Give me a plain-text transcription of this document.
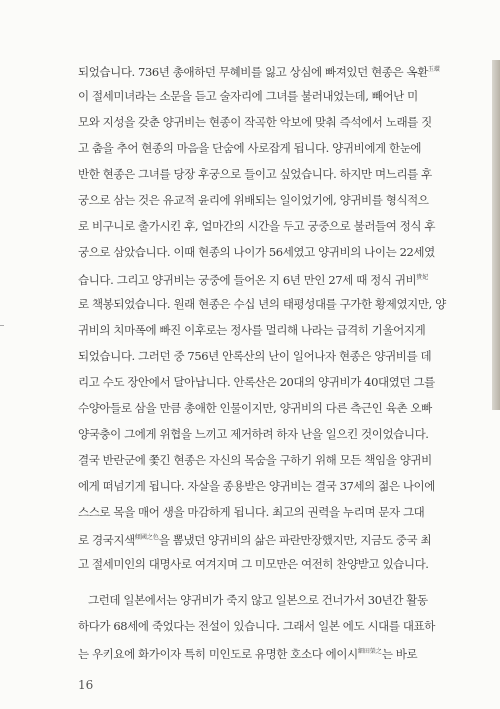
되었습니다. 736년 총애하던 무혜비를 잃고 상심에 빠져있던 현종은 옥환$^{玉環}$
이 절세미녀라는 소문을 듣고 술자리에 그녀를 불러내었는데, 빼어난 미
모와 지성을 갖춘 양귀비는 현종이 작곡한 악보에 맞춰 즉석에서 노래를 짓
고 춤을 추어 현종의 마음을 단숨에 사로잡게 됩니다. 양귀비에게 한눈에
반한 현종은 그녀를 당장 후궁으로 들이고 싶었습니다. 하지만 며느리를 후
궁으로 삼는 것은 유교적 윤리에 위배되는 일이었기에, 양귀비를 형식적으
로 비구니로 출가시킨 후, 얼마간의 시간을 두고 궁중으로 불러들여 정식 후
궁으로 삼았습니다. 이때 현종의 나이가 56세였고 양귀비의 나이는 22세였
습니다. 그리고 양귀비는 궁중에 들어온 지 6년 만인 27세 때 정식 귀비$^{貴妃}$
로 책봉되었습니다. 원래 현종은 수십 년의 태평성대를 구가한 황제였지만, 양
귀비의 치마폭에 빠진 이후로는 정사를 멀리해 나라는 급격히 기울어지게
되었습니다. 그러던 중 756년 안록산의 난이 일어나자 현종은 양귀비를 데
리고 수도 장안에서 달아납니다. 안록산은 20대의 양귀비가 40대였던 그를
수양아들로 삼을 만큼 총애한 인물이지만, 양귀비의 다른 측근인 육촌 오빠
양국충이 그에게 위협을 느끼고 제거하려 하자 난을 일으킨 것이었습니다.
결국 반란군에 쫓긴 현종은 자신의 목숨을 구하기 위해 모든 책임을 양귀비
에게 떠넘기게 됩니다. 자살을 종용받은 양귀비는 결국 37세의 젊은 나이에
스스로 목을 매어 생을 마감하게 됩니다. 최고의 권력을 누리며 문자 그대
로 경국지색$^{傾國之色}$을 뽐냈던 양귀비의 삶은 파란만장했지만, 지금도 중국 최
고 절세미인의 대명사로 여겨지며 그 미모만은 여전히 찬양받고 있습니다.
그런데 일본에서는 양귀비가 죽지 않고 일본으로 건너가서 30년간 활동
하다가 68세에 죽었다는 전설이 있습니다. 그래서 일본 에도 시대를 대표하
16
는 우키요에 화가이자 특히 미인도로 유명한 호소다 에이시$^{細田榮之}$는 바로
